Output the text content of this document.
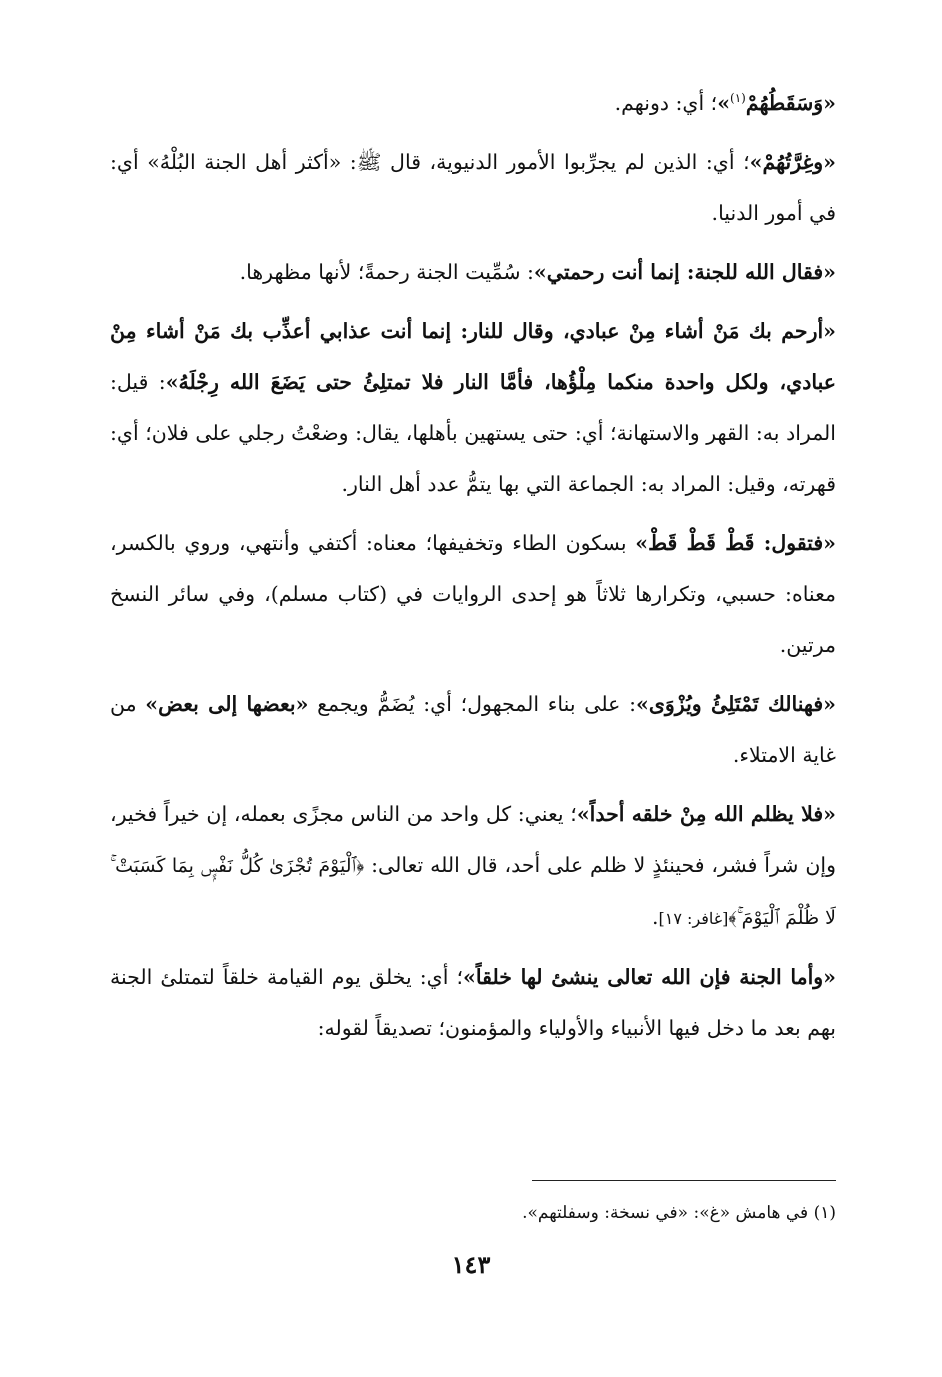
«وَسَقَطُهُمْ$^{(١)}$»؛ أي: دونهم.

«وغِرَّتُهُمْ»؛ أي: الذين لم يجرِّبوا الأمور الدنيوية، قال ﷺ: «أكثر أهل الجنة البُلْهُ» أي: في أمور الدنيا.

«فقال الله للجنة: إنما أنت رحمتي»: سُمِّيت الجنة رحمةً؛ لأنها مظهرها.

«أرحم بك مَنْ أشاء مِنْ عبادي، وقال للنار: إنما أنت عذابي أعذِّب بك مَنْ أشاء مِنْ عبادي، ولكل واحدة منكما مِلْؤُها، فأمَّا النار فلا تمتلِئُ حتى يَضَعَ الله رِجْلَهُ»: قيل: المراد به: القهر والاستهانة؛ أي: حتى يستهين بأهلها، يقال: وضعْتُ رجلي على فلان؛ أي: قهرته، وقيل: المراد به: الجماعة التي بها يتمُّ عدد أهل النار.

«فتقول: قَطْ قَطْ قَطْ» بسكون الطاء وتخفيفها؛ معناه: أكتفي وأنتهي، وروي بالكسر، معناه: حسبي، وتكرارها ثلاثاً هو إحدى الروايات في (كتاب مسلم)، وفي سائر النسخ مرتين.

«فهنالك تَمْتَلِئُ ويُزْوَى»: على بناء المجهول؛ أي: يُضَمُّ ويجمع «بعضها إلى بعض» من غاية الامتلاء.

«فلا يظلم الله مِنْ خلقه أحداً»؛ يعني: كل واحد من الناس مجزًى بعمله، إن خيراً فخير، وإن شراً فشر، فحينئذٍ لا ظلم على أحد، قال الله تعالى: ﴿ٱلْيَوْمَ تُجْزَىٰ كُلُّ نَفْسٍۭ بِمَا كَسَبَتْ ۚ لَا ظُلْمَ ٱلْيَوْمَ ۚ﴾[غافر: ١٧].

«وأما الجنة فإن الله تعالى ينشئ لها خلقاً»؛ أي: يخلق يوم القيامة خلقاً لتمتلئ الجنة بهم بعد ما دخل فيها الأنبياء والأولياء والمؤمنون؛ تصديقاً لقوله:

(١) في هامش «غ»: «في نسخة: وسفلتهم».
١٤٣
